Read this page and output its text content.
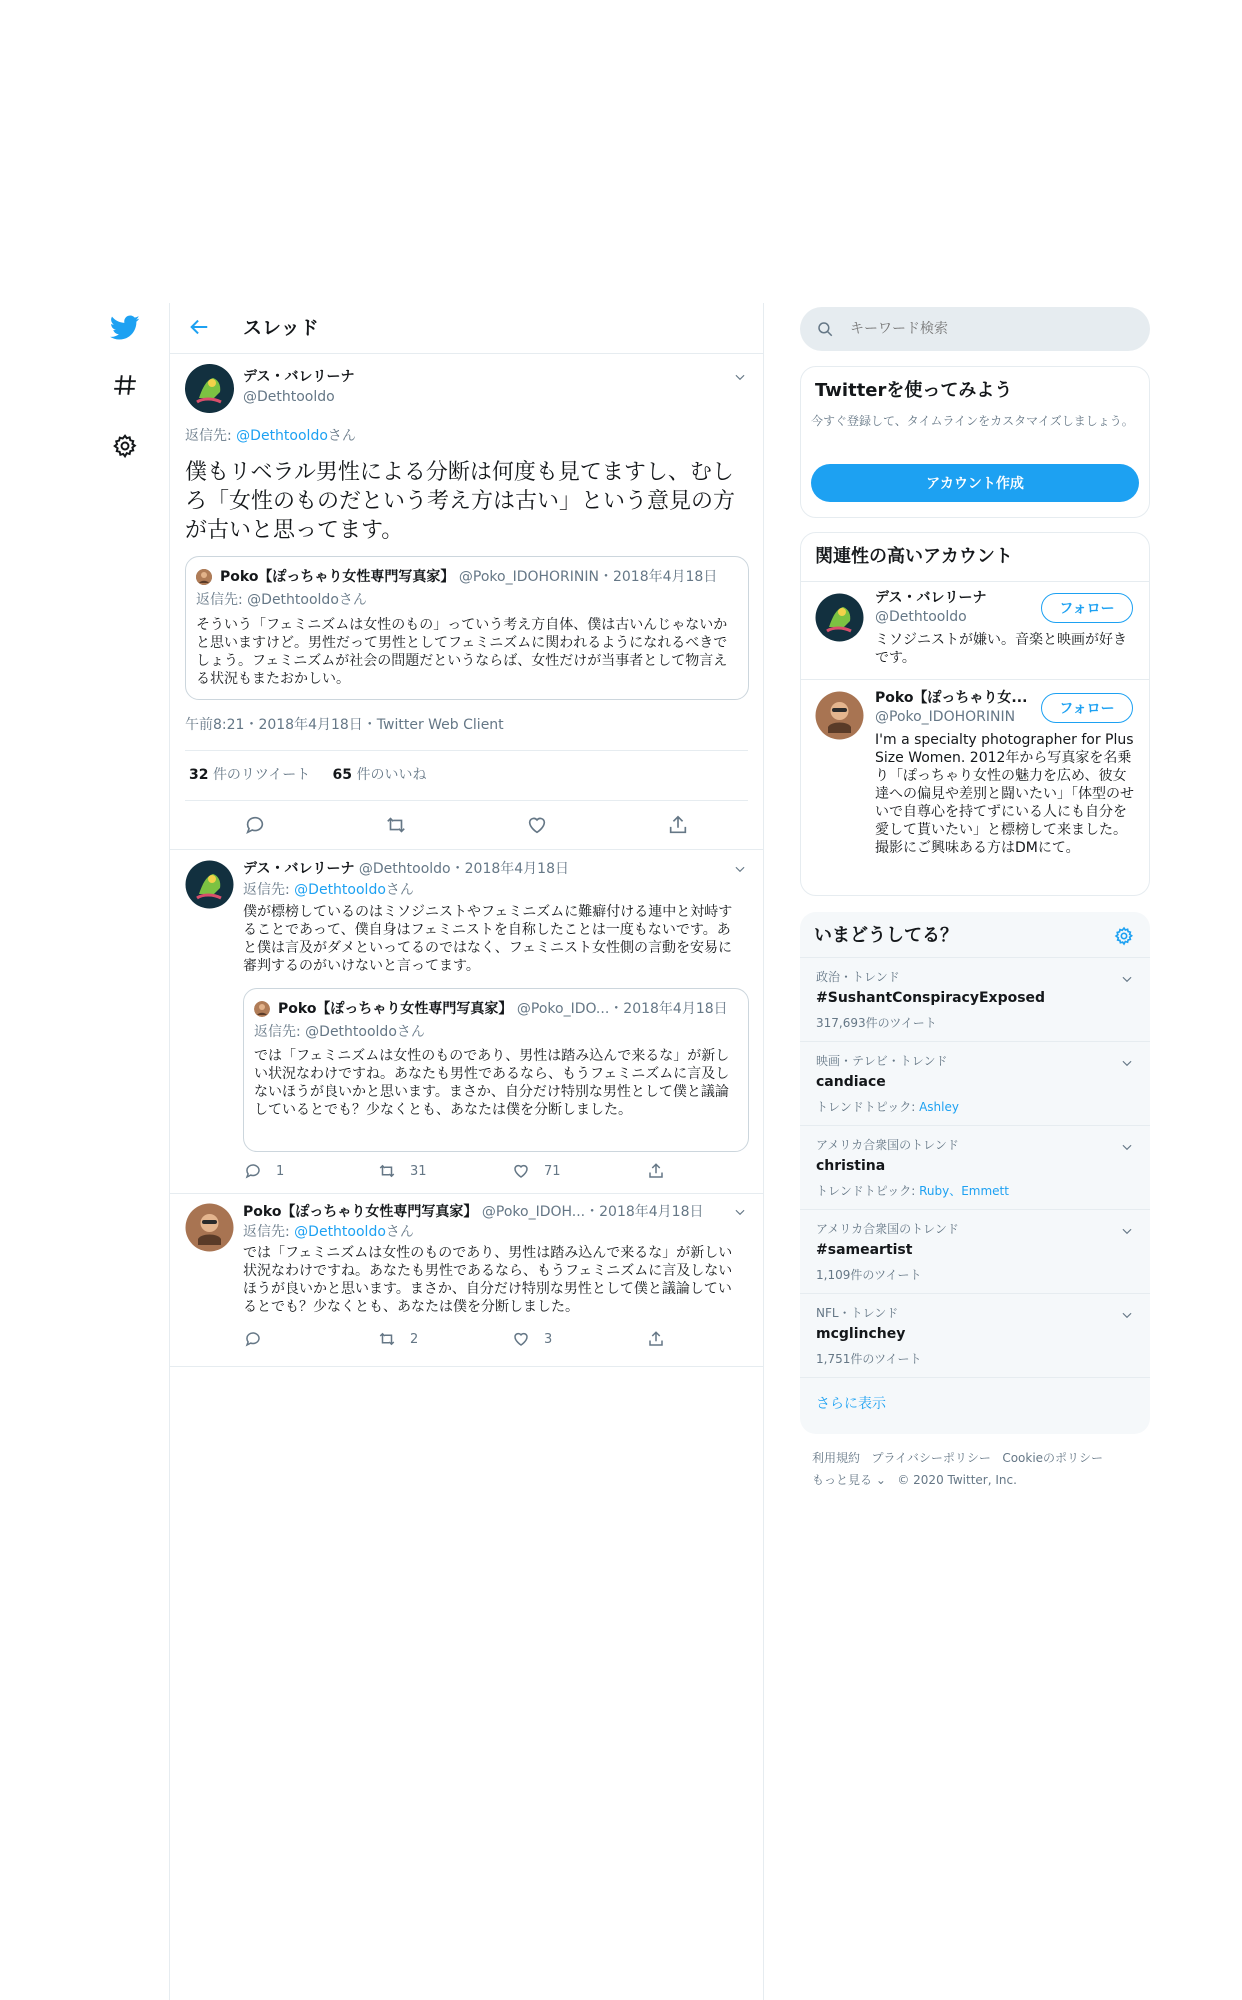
スレッド
デス・バレリーナ
@Dethtooldo
返信先: @Dethtooldoさん
僕もリベラル男性による分断は何度も見てますし、むしろ「女性のものだという考え方は古い」という意見の方が古いと思ってます。
Poko【ぽっちゃり女性専門写真家】 @Poko_IDOHORININ・2018年4月18日
返信先: @Dethtooldoさん
そういう「フェミニズムは女性のもの」っていう考え方自体、僕は古いんじゃないかと思いますけど。男性だって男性としてフェミニズムに関われるようになれるべきでしょう。フェミニズムが社会の問題だというならば、女性だけが当事者として物言える状況もまたおかしい。
午前8:21・2018年4月18日・Twitter Web Client
32 件のリツイート 65 件のいいね
デス・バレリーナ @Dethtooldo・2018年4月18日
返信先: @Dethtooldoさん
僕が標榜しているのはミソジニストやフェミニズムに難癖付ける連中と対峙することであって、僕自身はフェミニストを自称したことは一度もないです。あと僕は言及がダメといってるのではなく、フェミニスト女性側の言動を安易に審判するのがいけないと言ってます。
Poko【ぽっちゃり女性専門写真家】 @Poko_IDO...・2018年4月18日
返信先: @Dethtooldoさん
では「フェミニズムは女性のものであり、男性は踏み込んで来るな」が新しい状況なわけですね。あなたも男性であるなら、もうフェミニズムに言及しないほうが良いかと思います。まさか、自分だけ特別な男性として僕と議論しているとでも？少なくとも、あなたは僕を分断しました。
1	31	71
Poko【ぽっちゃり女性専門写真家】 @Poko_IDOH...・2018年4月18日
返信先: @Dethtooldoさん
では「フェミニズムは女性のものであり、男性は踏み込んで来るな」が新しい状況なわけですね。あなたも男性であるなら、もうフェミニズムに言及しないほうが良いかと思います。まさか、自分だけ特別な男性として僕と議論しているとでも？少なくとも、あなたは僕を分断しました。
2	3
キーワード検索
Twitterを使ってみよう
今すぐ登録して、タイムラインをカスタマイズしましょう。
アカウント作成
関連性の高いアカウント
デス・バレリーナ
@Dethtooldo	フォロー
ミソジニストが嫌い。音楽と映画が好きです。
Poko【ぽっちゃり女...
@Poko_IDOHORININ	フォロー
I'm a specialty photographer for Plus Size Women. 2012年から写真家を名乗り「ぽっちゃり女性の魅力を広め、彼女達への偏見や差別と闘いたい」「体型のせいで自尊心を持てずにいる人にも自分を愛して貰いたい」と標榜して来ました。 撮影にご興味ある方はDMにて。
いまどうしてる？
政治・トレンド
#SushantConspiracyExposed
317,693件のツイート
映画・テレビ・トレンド
candiace
トレンドトピック: Ashley
アメリカ合衆国のトレンド
christina
トレンドトピック: Ruby、Emmett
アメリカ合衆国のトレンド
#sameartist
1,109件のツイート
NFL・トレンド
mcglinchey
1,751件のツイート
さらに表示
利用規約 プライバシーポリシー Cookieのポリシー
もっと見る ⌄ © 2020 Twitter, Inc.
